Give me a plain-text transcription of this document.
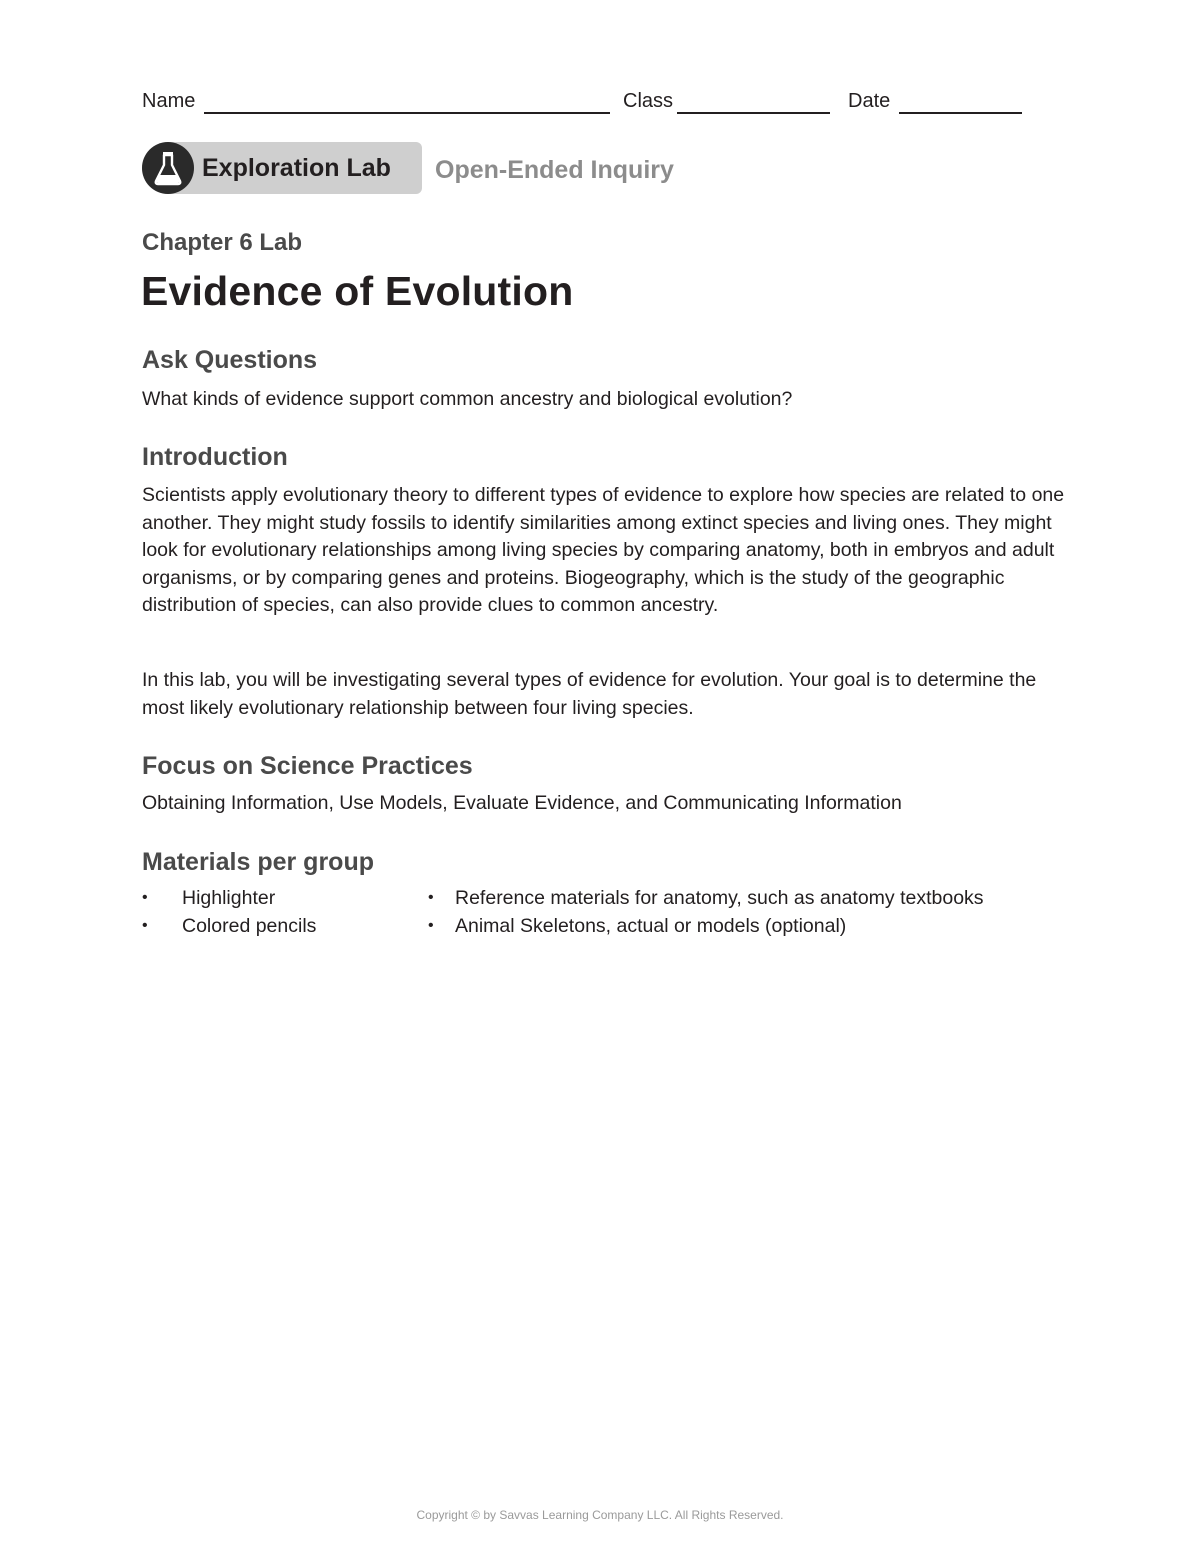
Name	Class	Date
Exploration Lab Open-Ended Inquiry
Chapter 6 Lab
Evidence of Evolution
Ask Questions

What kinds of evidence support common ancestry and biological evolution?

Introduction

Scientists apply evolutionary theory to different types of evidence to explore how species are related to one another. They might study fossils to identify similarities among extinct species and living ones. They might look for evolutionary relationships among living species by comparing anatomy, both in embryos and adult organisms, or by comparing genes and proteins. Biogeography, which is the study of the geographic distribution of species, can also provide clues to common ancestry.

In this lab, you will be investigating several types of evidence for evolution. Your goal is to determine the most likely evolutionary relationship between four living species.

Focus on Science Practices

Obtaining Information, Use Models, Evaluate Evidence, and Communicating Information

Materials per group
• Highlighter
• Colored pencils
• Reference materials for anatomy, such as anatomy textbooks
• Animal Skeletons, actual or models (optional)
Copyright © by Savvas Learning Company LLC. All Rights Reserved.
